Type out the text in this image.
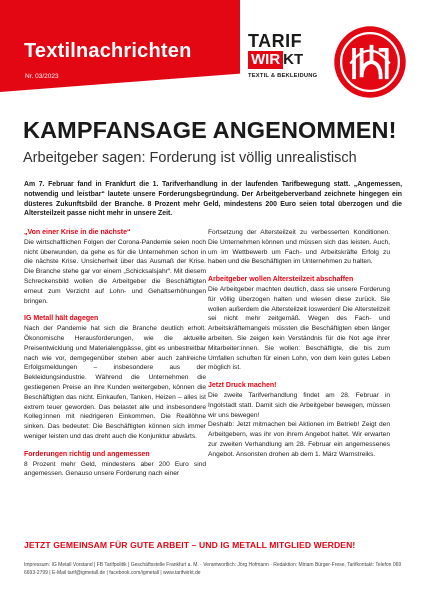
Textilnachrichten
Nr. 03/2023
TARIF
WIR KT
TEXTIL & BEKLEIDUNG
KAMPFANSAGE ANGENOMMEN!
Arbeitgeber sagen: Forderung ist völlig unrealistisch

Am 7. Februar fand in Frankfurt die 1. Tarifverhandlung in der laufenden Tarifbewegung statt. „Angemessen, notwendig und leistbar“ lautete unsere Forderungsbegründung. Der Arbeitgeberverband zeichnete hingegen ein düsteres Zukunftsbild der Branche. 8 Prozent mehr Geld, mindestens 200 Euro seien total überzogen und die Altersteilzeit passe nicht mehr in unsere Zeit.

„Von einer Krise in die nächste“

Die wirtschaftlichen Folgen der Corona-Pandemie seien noch nicht überwunden, da gehe es für die Unternehmen schon in die nächste Krise. Unsicherheit über das Ausmaß der Krise. Die Branche stehe gar vor einem „Schicksalsjahr“. Mit diesem Schreckensbild wollen die Arbeitgeber die Beschäftigten erneut zum Verzicht auf Lohn- und Gehaltserhöhungen bringen.

IG Metall hält dagegen

Nach der Pandemie hat sich die Branche deutlich erholt. Ökonomische Herausforderungen, wie die aktuelle Preisentwicklung und Materialengpässe, gibt es unbestreitbar nach wie vor, demgegenüber stehen aber auch zahlreiche Erfolgsmeldungen – insbesondere aus der Bekleidungsindustrie. Während die Unternehmen die gestiegenen Preise an ihre Kunden weitergeben, können die Beschäftigten das nicht. Einkaufen, Tanken, Heizen – alles ist extrem teuer geworden. Das belastet alle und insbesondere Kolleg:innen mit niedrigeren Einkommen. Die Reallöhne sinken. Das bedeutet: Die Beschäftigten können sich immer weniger leisten und das dreht auch die Konjunktur abwärts.

Forderungen richtig und angemessen

8 Prozent mehr Geld, mindestens aber 200 Euro sind angemessen. Genauso unsere Forderung nach einer

Fortsetzung der Altersteilzeit zu verbesserten Konditionen. Die Unternehmen können und müssen sich das leisten. Auch, um im Wettbewerb um Fach- und Arbeitskräfte Erfolg zu haben und die Beschäftigten im Unternehmen zu halten.

Arbeitgeber wollen Altersteilzeit abschaffen

Die Arbeitgeber machten deutlich, dass sie unsere Forderung für völlig überzogen halten und wiesen diese zurück. Sie wollen außerdem die Altersteilzeit loswerden! Die Altersteilzeit sei nicht mehr zeitgemäß. Wegen des Fach- und Arbeitskräftemangels müssten die Beschäftigten eben länger arbeiten. Sie zeigen kein Verständnis für die Not age ihrer Mitarbeiter:innen. Sie wollen: Beschäftigte, die bis zum Umfallen schuften für einen Lohn, von dem kein gutes Leben möglich ist.

Jetzt Druck machen!

Die zweite Tarifverhandlung findet am 28. Februar in Ingolstadt statt. Damit sich die Arbeitgeber bewegen, müssen wir uns bewegen!

Deshalb: Jetzt mitmachen bei Aktionen im Betrieb! Zeigt den Arbeitgebern, was ihr von ihrem Angebot haltet. Wir erwarten zur zweiten Verhandlung am 28. Februar ein angemessenes Angebot. Ansonsten drohen ab dem 1. März Warnstreiks.

JETZT GEMEINSAM FÜR GUTE ARBEIT – UND IG METALL MITGLIED WERDEN!
Impressum: IG Metall Vorstand | FB Tarifpolitik | Geschäftsstelle Frankfurt a. M. · Verantwortlich: Jörg Hofmann · Redaktion: Miriam Bürger-Frese, Tarifkontakt: Telefon 069 6693-2799 | E-Mail tarif@igmetall.de | facebook.com/igmetall | www.tarifwirkt.de
